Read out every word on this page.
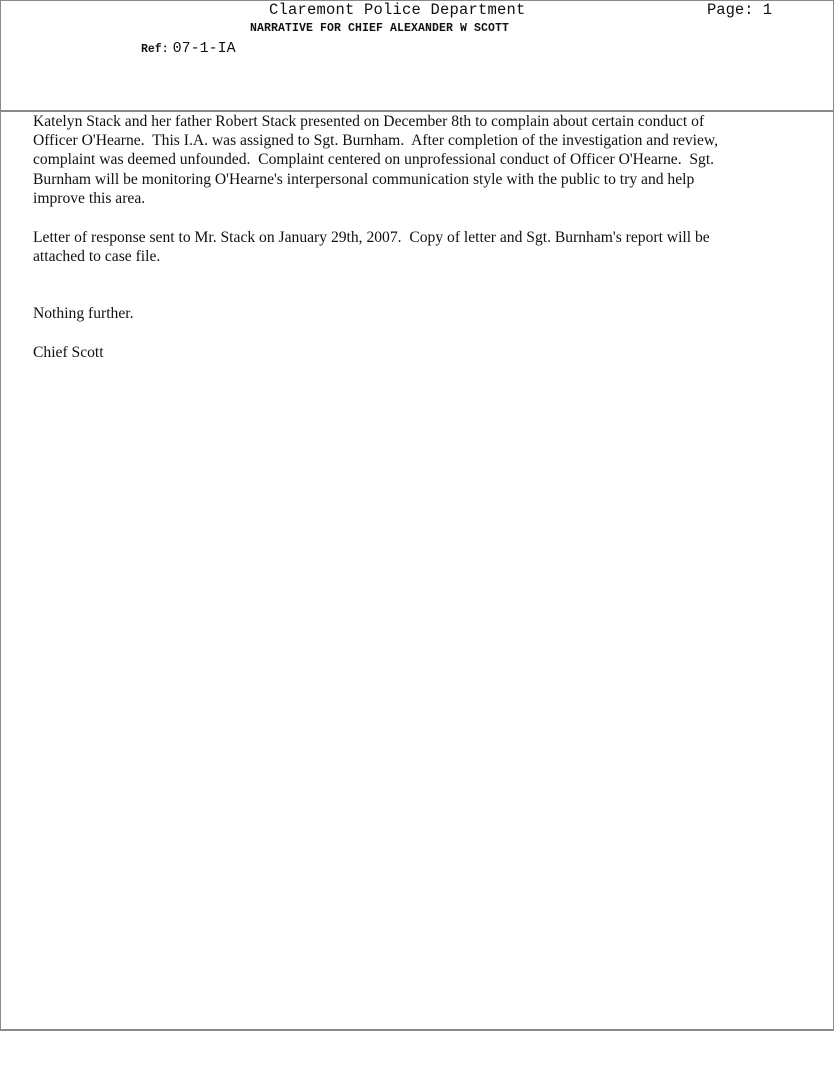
Claremont Police Department	Page: 1
NARRATIVE FOR CHIEF ALEXANDER W SCOTT
Ref: 07-1-IA
Katelyn Stack and her father Robert Stack presented on December 8th to complain about certain conduct of
Officer O'Hearne.  This I.A. was assigned to Sgt. Burnham.  After completion of the investigation and review,
complaint was deemed unfounded.  Complaint centered on unprofessional conduct of Officer O'Hearne.  Sgt.
Burnham will be monitoring O'Hearne's interpersonal communication style with the public to try and help
improve this area.
Letter of response sent to Mr. Stack on January 29th, 2007.  Copy of letter and Sgt. Burnham's report will be
attached to case file.
Nothing further.
Chief Scott
